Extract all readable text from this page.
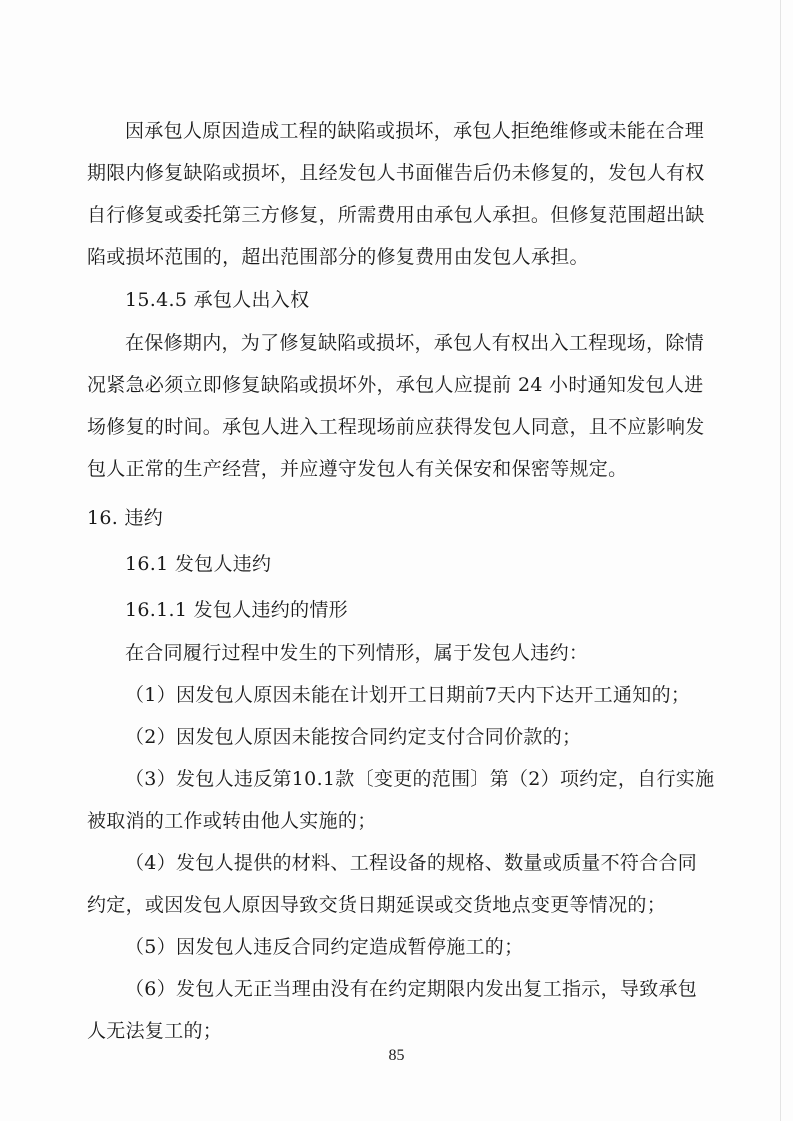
因承包人原因造成工程的缺陷或损坏，承包人拒绝维修或未能在合理
期限内修复缺陷或损坏，且经发包人书面催告后仍未修复的，发包人有权
自行修复或委托第三方修复，所需费用由承包人承担。但修复范围超出缺
陷或损坏范围的，超出范围部分的修复费用由发包人承担。
15.4.5 承包人出入权
在保修期内，为了修复缺陷或损坏，承包人有权出入工程现场，除情
况紧急必须立即修复缺陷或损坏外，承包人应提前 24 小时通知发包人进
场修复的时间。承包人进入工程现场前应获得发包人同意，且不应影响发
包人正常的生产经营，并应遵守发包人有关保安和保密等规定。
16. 违约
16.1 发包人违约
16.1.1 发包人违约的情形
在合同履行过程中发生的下列情形，属于发包人违约：
（1）因发包人原因未能在计划开工日期前7天内下达开工通知的；
（2）因发包人原因未能按合同约定支付合同价款的；
（3）发包人违反第10.1款〔变更的范围〕第（2）项约定，自行实施
被取消的工作或转由他人实施的；
（4）发包人提供的材料、工程设备的规格、数量或质量不符合合同
约定，或因发包人原因导致交货日期延误或交货地点变更等情况的；
（5）因发包人违反合同约定造成暂停施工的；
（6）发包人无正当理由没有在约定期限内发出复工指示，导致承包
人无法复工的；
85
